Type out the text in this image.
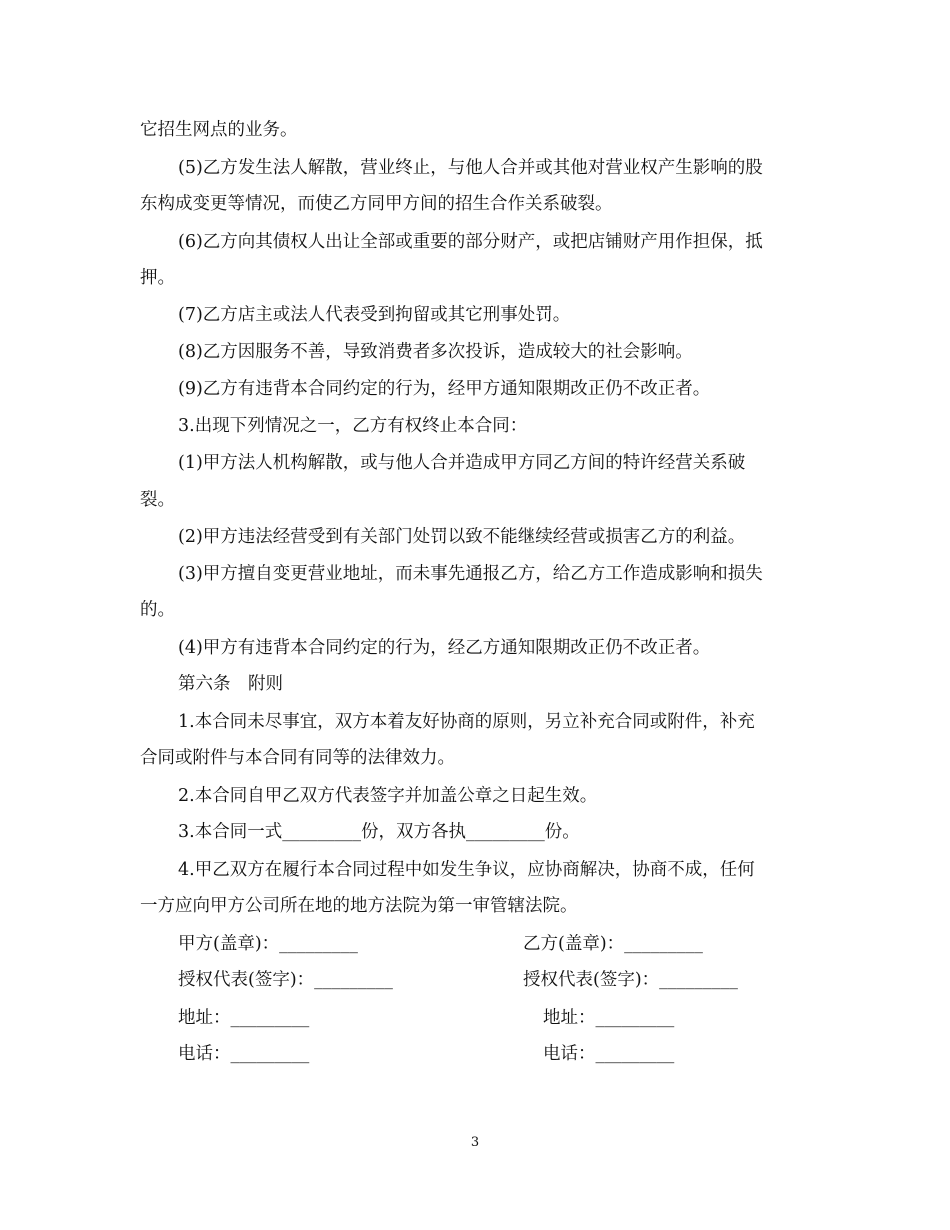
它招生网点的业务。
(5)乙方发生法人解散，营业终止，与他人合并或其他对营业权产生影响的股
东构成变更等情况，而使乙方同甲方间的招生合作关系破裂。
(6)乙方向其债权人出让全部或重要的部分财产，或把店铺财产用作担保，抵
押。
(7)乙方店主或法人代表受到拘留或其它刑事处罚。
(8)乙方因服务不善，导致消费者多次投诉，造成较大的社会影响。
(9)乙方有违背本合同约定的行为，经甲方通知限期改正仍不改正者。
3.出现下列情况之一，乙方有权终止本合同：
(1)甲方法人机构解散，或与他人合并造成甲方同乙方间的特许经营关系破
裂。
(2)甲方违法经营受到有关部门处罚以致不能继续经营或损害乙方的利益。
(3)甲方擅自变更营业地址，而未事先通报乙方，给乙方工作造成影响和损失
的。
(4)甲方有违背本合同约定的行为，经乙方通知限期改正仍不改正者。
第六条　附则
1.本合同未尽事宜，双方本着友好协商的原则，另立补充合同或附件，补充
合同或附件与本合同有同等的法律效力。
2.本合同自甲乙双方代表签字并加盖公章之日起生效。
3.本合同一式_________份，双方各执_________份。
4.甲乙双方在履行本合同过程中如发生争议，应协商解决，协商不成，任何
一方应向甲方公司所在地的地方法院为第一审管辖法院。
甲方(盖章)：_________	乙方(盖章)：_________
授权代表(签字)：_________	授权代表(签字)：_________
地址：_________	地址：_________
电话：_________	电话：_________
3
